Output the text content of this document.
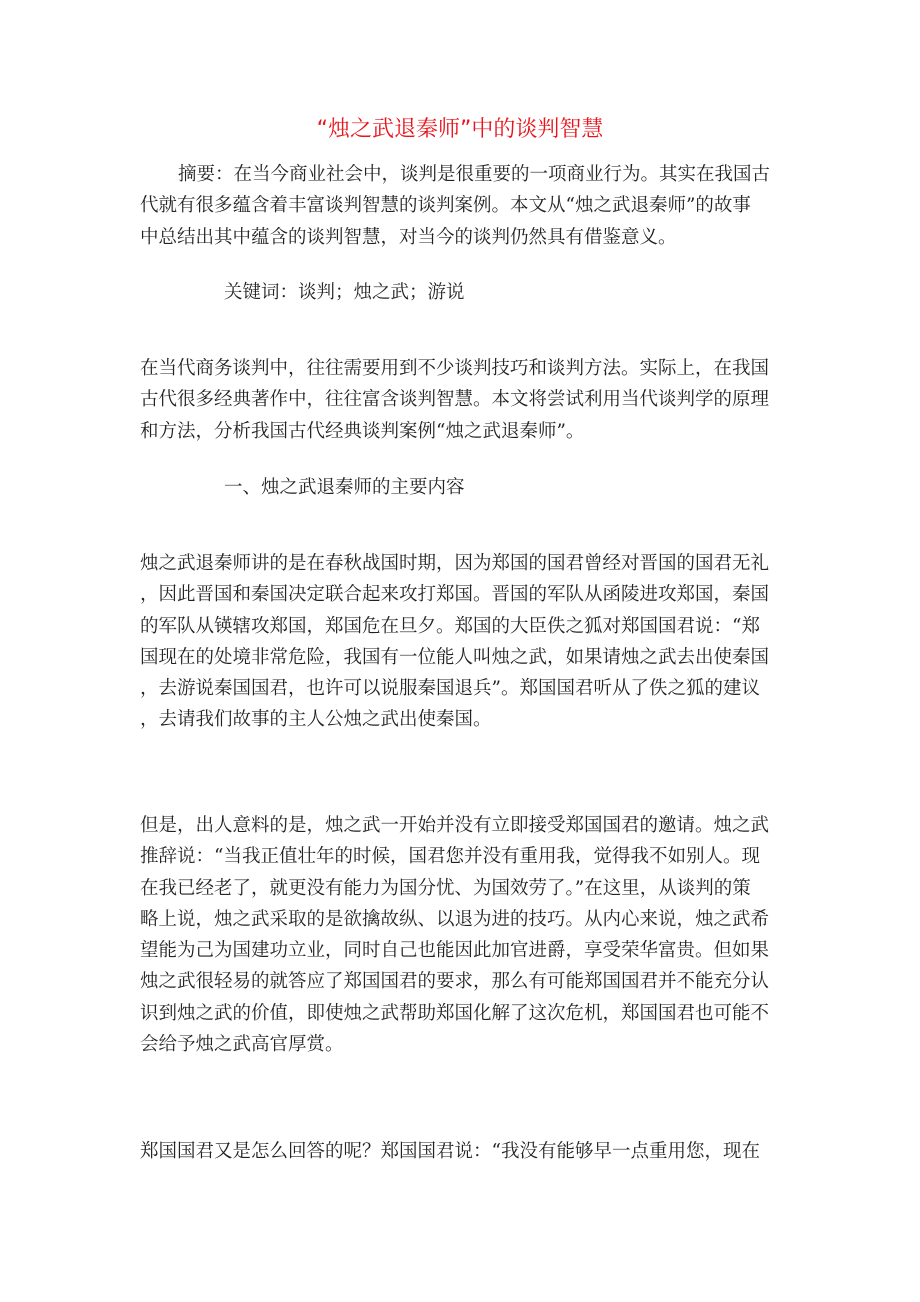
“烛之武退秦师”中的谈判智慧
摘要：在当今商业社会中，谈判是很重要的一项商业行为。其实在我国古
代就有很多蕴含着丰富谈判智慧的谈判案例。本文从“烛之武退秦师”的故事
中总结出其中蕴含的谈判智慧，对当今的谈判仍然具有借鉴意义。
关键词：谈判；烛之武；游说
在当代商务谈判中，往往需要用到不少谈判技巧和谈判方法。实际上，在我国
古代很多经典著作中，往往富含谈判智慧。本文将尝试利用当代谈判学的原理
和方法，分析我国古代经典谈判案例“烛之武退秦师”。
一、烛之武退秦师的主要内容
烛之武退秦师讲的是在春秋战国时期，因为郑国的国君曾经对晋国的国君无礼
，因此晋国和秦国决定联合起来攻打郑国。晋国的军队从函陵进攻郑国，秦国
的军队从锳辖攻郑国，郑国危在旦夕。郑国的大臣佚之狐对郑国国君说：“郑
国现在的处境非常危险，我国有一位能人叫烛之武，如果请烛之武去出使秦国
，去游说秦国国君，也许可以说服秦国退兵”。郑国国君听从了佚之狐的建议
，去请我们故事的主人公烛之武出使秦国。
但是，出人意料的是，烛之武一开始并没有立即接受郑国国君的邀请。烛之武
推辞说：“当我正值壮年的时候，国君您并没有重用我，觉得我不如别人。现
在我已经老了，就更没有能力为国分忧、为国效劳了。”在这里，从谈判的策
略上说，烛之武采取的是欲擒故纵、以退为进的技巧。从内心来说，烛之武希
望能为己为国建功立业，同时自己也能因此加官进爵，享受荣华富贵。但如果
烛之武很轻易的就答应了郑国国君的要求，那么有可能郑国国君并不能充分认
识到烛之武的价值，即使烛之武帮助郑国化解了这次危机，郑国国君也可能不
会给予烛之武高官厚赏。
郑国国君又是怎么回答的呢？郑国国君说：“我没有能够早一点重用您，现在
